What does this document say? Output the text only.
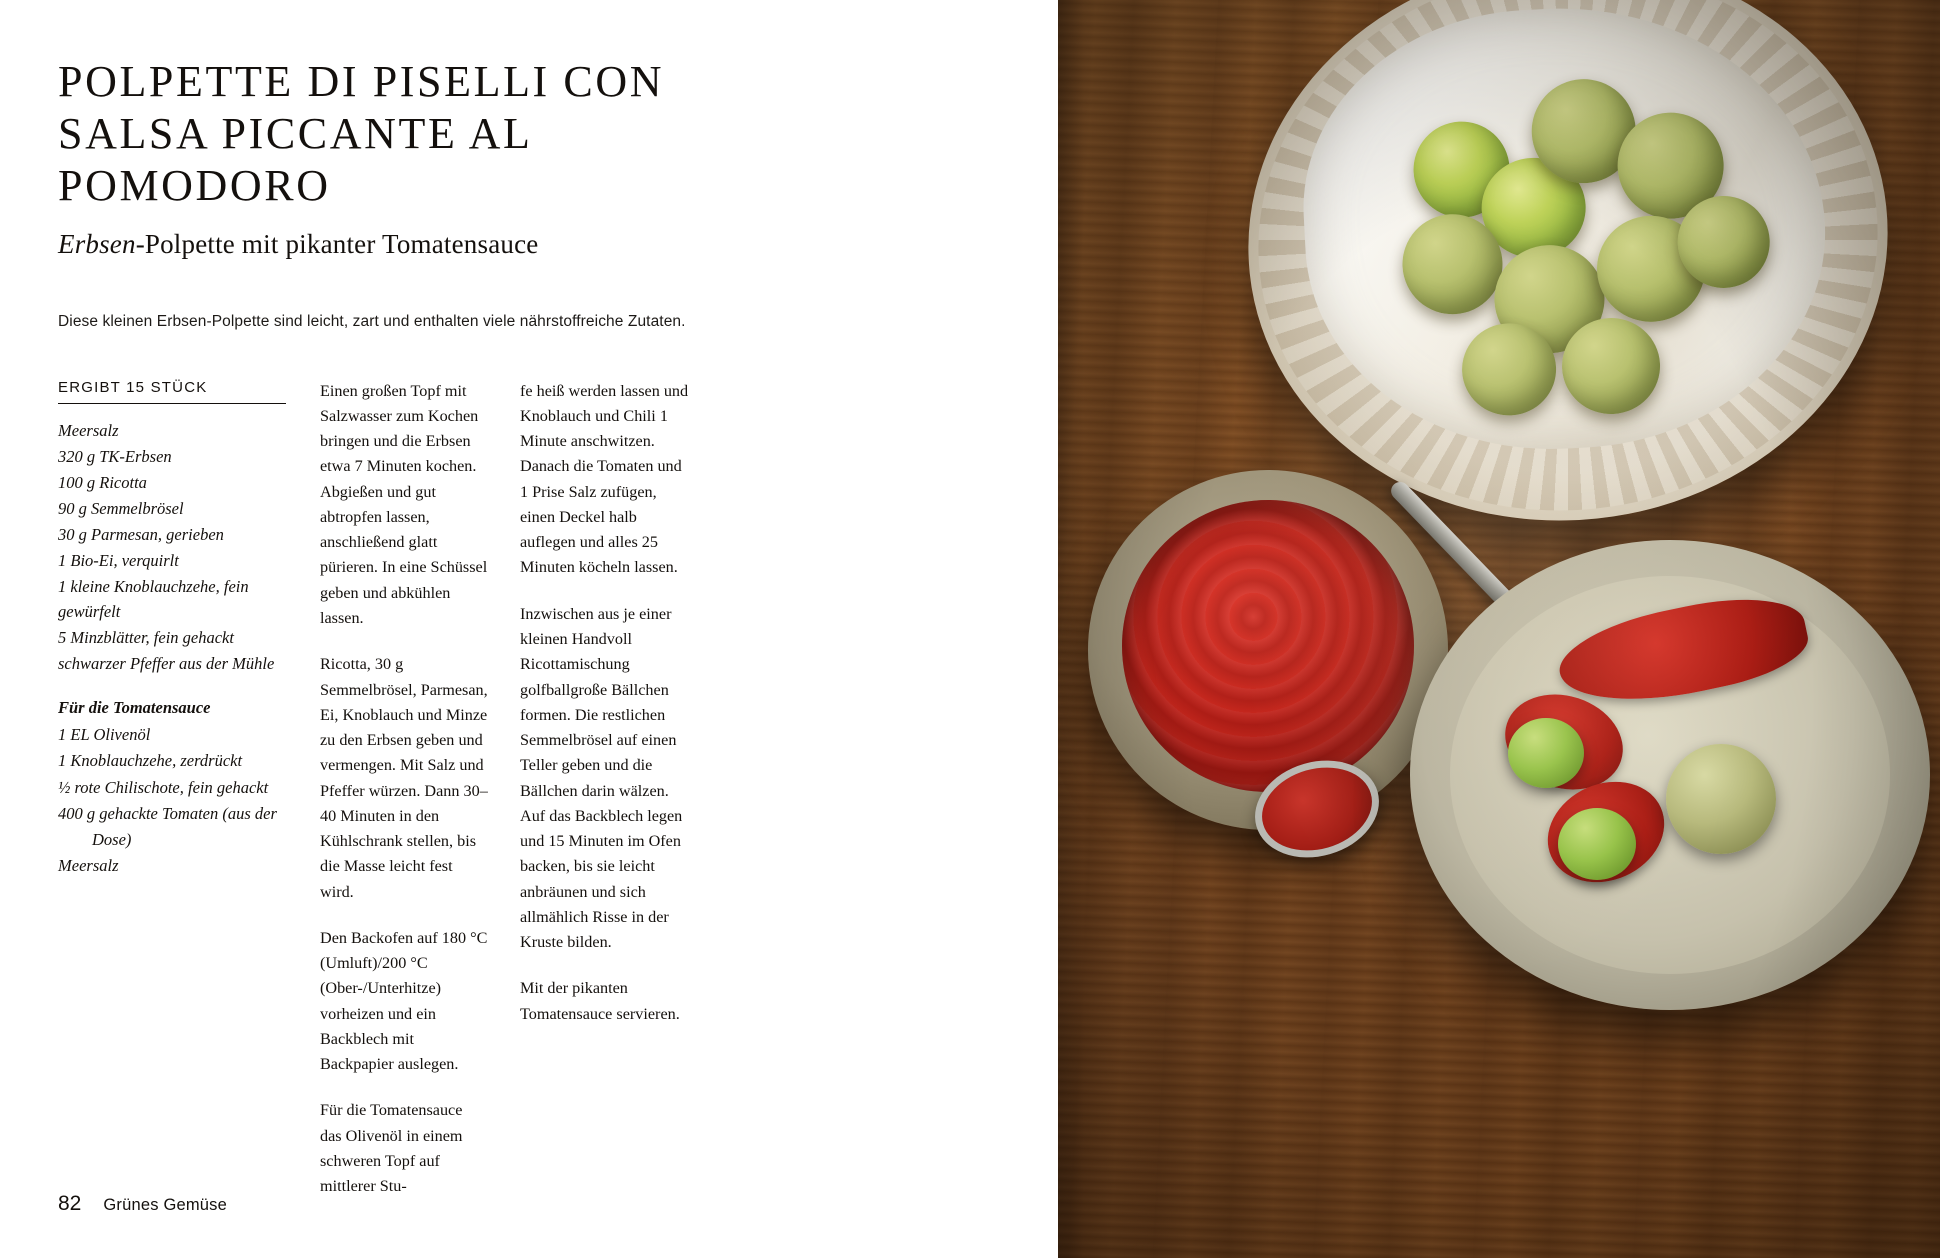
POLPETTE DI PISELLI CON SALSA PICCANTE AL POMODORO
Erbsen-Polpette mit pikanter Tomatensauce

Diese kleinen Erbsen-Polpette sind leicht, zart und enthalten viele nährstoffreiche Zutaten.

ERGIBT 15 STÜCK
Meersalz
320 g TK-Erbsen
100 g Ricotta
90 g Semmelbrösel
30 g Parmesan, gerieben
1 Bio-Ei, verquirlt
1 kleine Knoblauchzehe, fein gewürfelt
5 Minzblätter, fein gehackt
schwarzer Pfeffer aus der Mühle
Für die Tomatensauce
1 EL Olivenöl
1 Knoblauchzehe, zerdrückt
½ rote Chilischote, fein gehackt
400 g gehackte Tomaten (aus der
Dose)
Meersalz

Einen großen Topf mit Salzwasser zum Kochen bringen und die Erbsen etwa 7 Minuten kochen. Abgießen und gut abtropfen lassen, anschließend glatt pürieren. In eine Schüssel geben und abkühlen lassen.

Ricotta, 30 g Semmelbrösel, Parmesan, Ei, Knoblauch und Minze zu den Erbsen geben und vermengen. Mit Salz und Pfeffer würzen. Dann 30–40 Minuten in den Kühlschrank stellen, bis die Masse leicht fest wird.

Den Backofen auf 180 °C (Umluft)/200 °C (Ober-/Unterhitze) vorheizen und ein Backblech mit Backpapier auslegen.

Für die Tomatensauce das Olivenöl in einem schweren Topf auf mittlerer Stu-

fe heiß werden lassen und Knoblauch und Chili 1 Minute anschwitzen. Danach die Tomaten und 1 Prise Salz zufügen, einen Deckel halb auflegen und alles 25 Minuten köcheln lassen.

Inzwischen aus je einer kleinen Handvoll Ricottamischung golfballgroße Bällchen formen. Die restlichen Semmelbrösel auf einen Teller geben und die Bällchen darin wälzen. Auf das Backblech legen und 15 Minuten im Ofen backen, bis sie leicht anbräunen und sich allmählich Risse in der Kruste bilden.

Mit der pikanten Tomatensauce servieren.

82 Grünes Gemüse
